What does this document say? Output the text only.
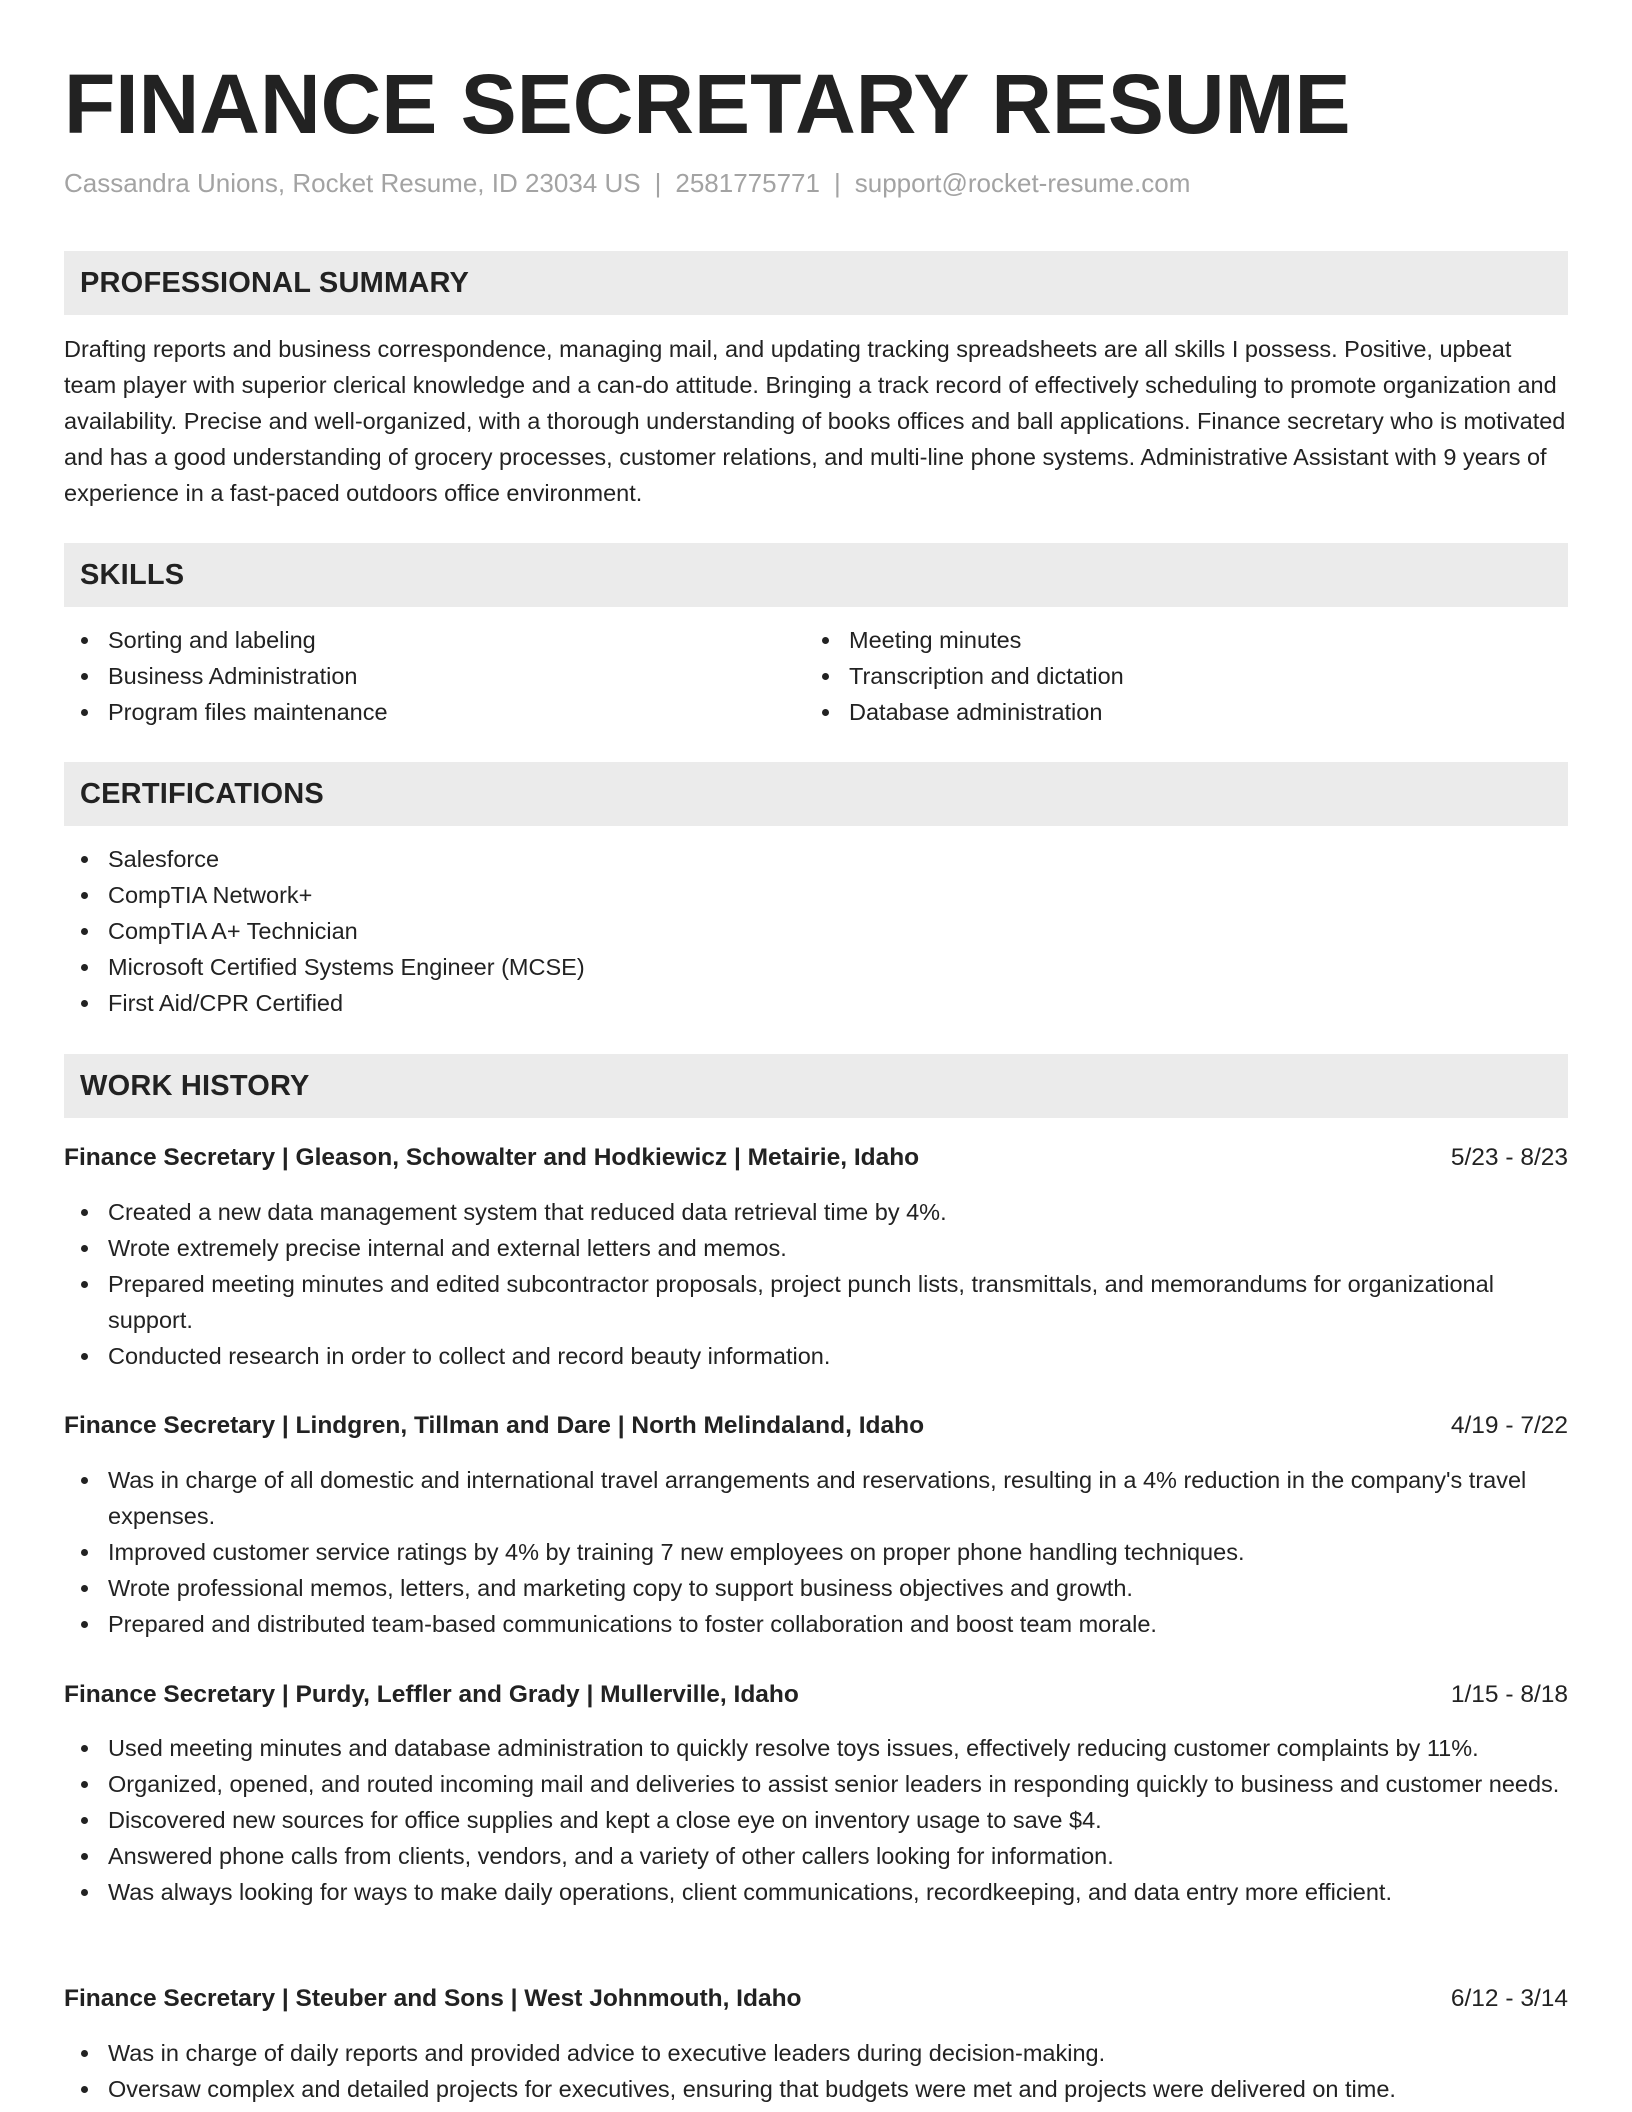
FINANCE SECRETARY RESUME
Cassandra Unions, Rocket Resume, ID 23034 US | 2581775771 | support@rocket-resume.com
PROFESSIONAL SUMMARY

Drafting reports and business correspondence, managing mail, and updating tracking spreadsheets are all skills I possess. Positive, upbeat team player with superior clerical knowledge and a can-do attitude. Bringing a track record of effectively scheduling to promote organization and availability. Precise and well-organized, with a thorough understanding of books offices and ball applications. Finance secretary who is motivated and has a good understanding of grocery processes, customer relations, and multi-line phone systems. Administrative Assistant with 9 years of experience in a fast-paced outdoors office environment.

SKILLS
Sorting and labeling
Business Administration
Program files maintenance
Meeting minutes
Transcription and dictation
Database administration
CERTIFICATIONS
Salesforce
CompTIA Network+
CompTIA A+ Technician
Microsoft Certified Systems Engineer (MCSE)
First Aid/CPR Certified
WORK HISTORY
Finance Secretary | Gleason, Schowalter and Hodkiewicz | Metairie, Idaho	5/23 - 8/23
Created a new data management system that reduced data retrieval time by 4%.
Wrote extremely precise internal and external letters and memos.
Prepared meeting minutes and edited subcontractor proposals, project punch lists, transmittals, and memorandums for organizational support.
Conducted research in order to collect and record beauty information.
Finance Secretary | Lindgren, Tillman and Dare | North Melindaland, Idaho	4/19 - 7/22
Was in charge of all domestic and international travel arrangements and reservations, resulting in a 4% reduction in the company's travel expenses.
Improved customer service ratings by 4% by training 7 new employees on proper phone handling techniques.
Wrote professional memos, letters, and marketing copy to support business objectives and growth.
Prepared and distributed team-based communications to foster collaboration and boost team morale.
Finance Secretary | Purdy, Leffler and Grady | Mullerville, Idaho	1/15 - 8/18
Used meeting minutes and database administration to quickly resolve toys issues, effectively reducing customer complaints by 11%.
Organized, opened, and routed incoming mail and deliveries to assist senior leaders in responding quickly to business and customer needs.
Discovered new sources for office supplies and kept a close eye on inventory usage to save $4.
Answered phone calls from clients, vendors, and a variety of other callers looking for information.
Was always looking for ways to make daily operations, client communications, recordkeeping, and data entry more efficient.
Finance Secretary | Steuber and Sons | West Johnmouth, Idaho	6/12 - 3/14
Was in charge of daily reports and provided advice to executive leaders during decision-making.
Oversaw complex and detailed projects for executives, ensuring that budgets were met and projects were delivered on time.
